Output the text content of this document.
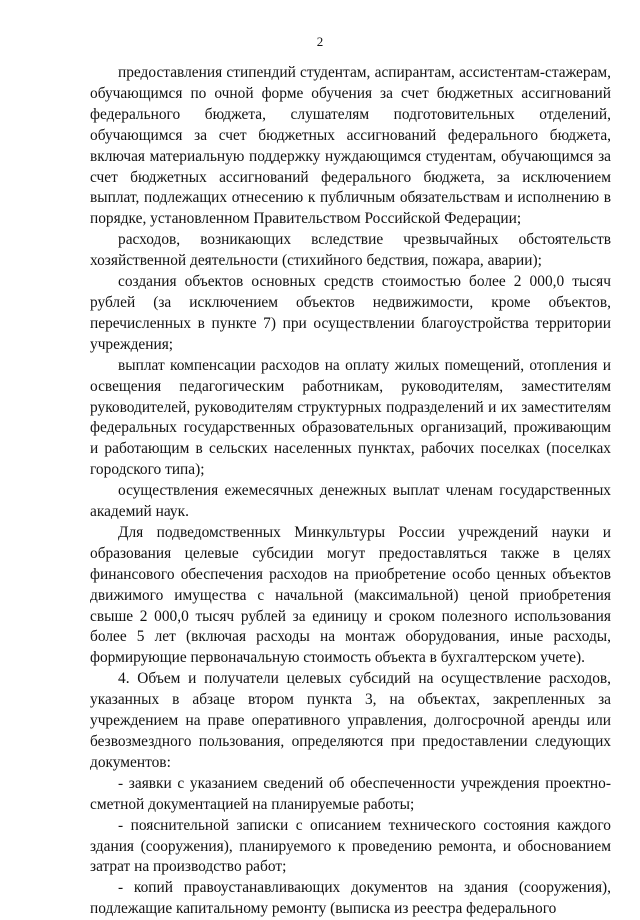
2

предоставления стипендий студентам, аспирантам, ассистентам-стажерам, обучающимся по очной форме обучения за счет бюджетных ассигнований федерального бюджета, слушателям подготовительных отделений, обучающимся за счет бюджетных ассигнований федерального бюджета, включая материальную поддержку нуждающимся студентам, обучающимся за счет бюджетных ассигнований федерального бюджета, за исключением выплат, подлежащих отнесению к публичным обязательствам и исполнению в порядке, установленном Правительством Российской Федерации;

расходов, возникающих вследствие чрезвычайных обстоятельств хозяйственной деятельности (стихийного бедствия, пожара, аварии);

создания объектов основных средств стоимостью более 2 000,0 тысяч рублей (за исключением объектов недвижимости, кроме объектов, перечисленных в пункте 7) при осуществлении благоустройства территории учреждения;

выплат компенсации расходов на оплату жилых помещений, отопления и освещения педагогическим работникам, руководителям, заместителям руководителей, руководителям структурных подразделений и их заместителям федеральных государственных образовательных организаций, проживающим и работающим в сельских населенных пунктах, рабочих поселках (поселках городского типа);

осуществления ежемесячных денежных выплат членам государственных академий наук.

Для подведомственных Минкультуры России учреждений науки и образования целевые субсидии могут предоставляться также в целях финансового обеспечения расходов на приобретение особо ценных объектов движимого имущества с начальной (максимальной) ценой приобретения свыше 2 000,0 тысяч рублей за единицу и сроком полезного использования более 5 лет (включая расходы на монтаж оборудования, иные расходы, формирующие первоначальную стоимость объекта в бухгалтерском учете).

4. Объем и получатели целевых субсидий на осуществление расходов, указанных в абзаце втором пункта 3, на объектах, закрепленных за учреждением на праве оперативного управления, долгосрочной аренды или безвозмездного пользования, определяются при предоставлении следующих документов:

- заявки с указанием сведений об обеспеченности учреждения проектно-сметной документацией на планируемые работы;

- пояснительной записки с описанием технического состояния каждого здания (сооружения), планируемого к проведению ремонта, и обоснованием затрат на производство работ;

- копий правоустанавливающих документов на здания (сооружения), подлежащие капитальному ремонту (выписка из реестра федерального
